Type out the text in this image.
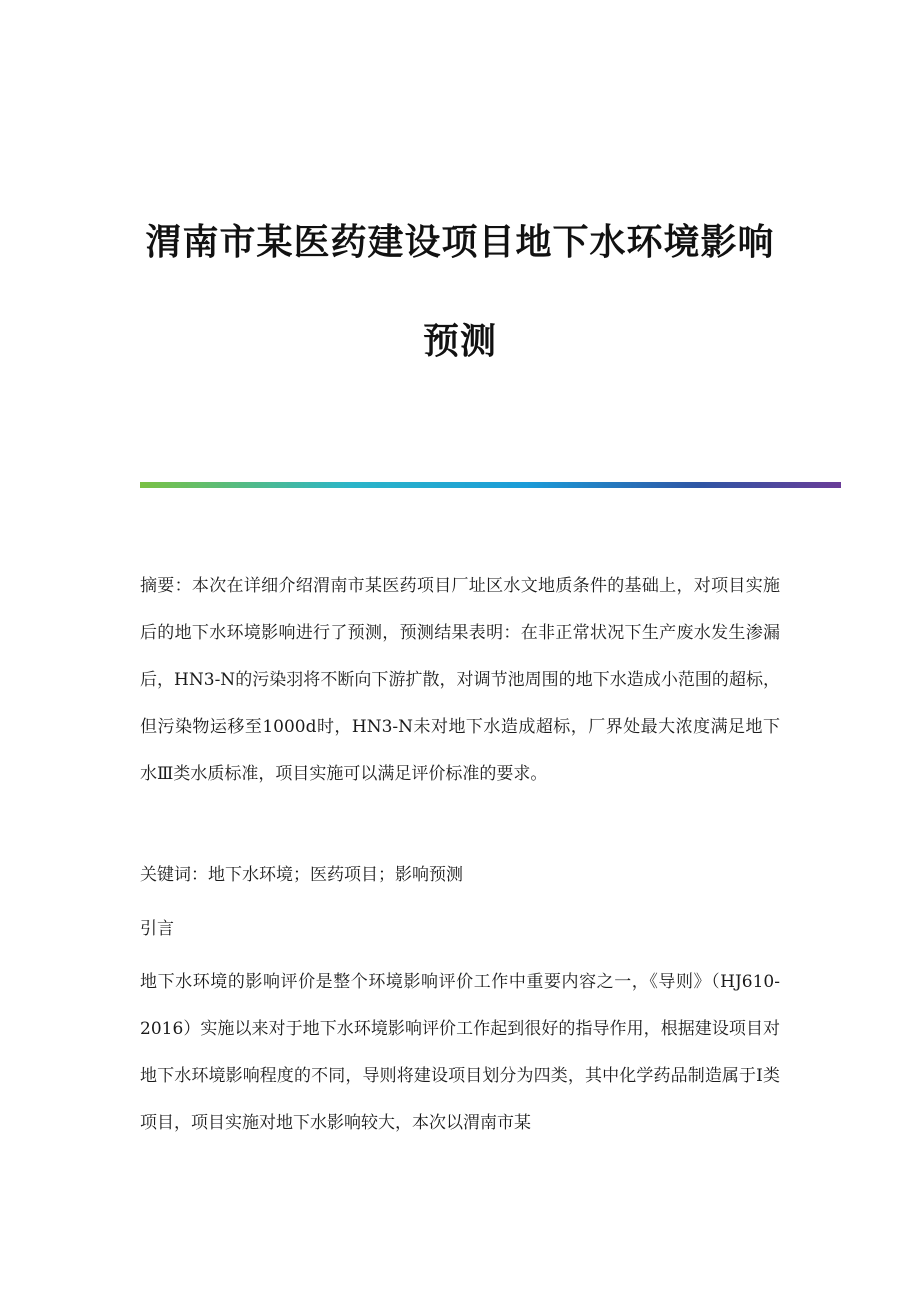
渭南市某医药建设项目地下水环境影响
预测

摘要：本次在详细介绍渭南市某医药项目厂址区水文地质条件的基础上，对项目实施后的地下水环境影响进行了预测，预测结果表明：在非正常状况下生产废水发生渗漏后，HN3-N的污染羽将不断向下游扩散，对调节池周围的地下水造成小范围的超标，但污染物运移至1000d时，HN3-N未对地下水造成超标，厂界处最大浓度满足地下水Ⅲ类水质标准，项目实施可以满足评价标准的要求。

关键词：地下水环境；医药项目；影响预测

引言

地下水环境的影响评价是整个环境影响评价工作中重要内容之一，《导则》（HJ610-2016）实施以来对于地下水环境影响评价工作起到很好的指导作用，根据建设项目对地下水环境影响程度的不同，导则将建设项目划分为四类，其中化学药品制造属于Ⅰ类项目，项目实施对地下水影响较大，本次以渭南市某
